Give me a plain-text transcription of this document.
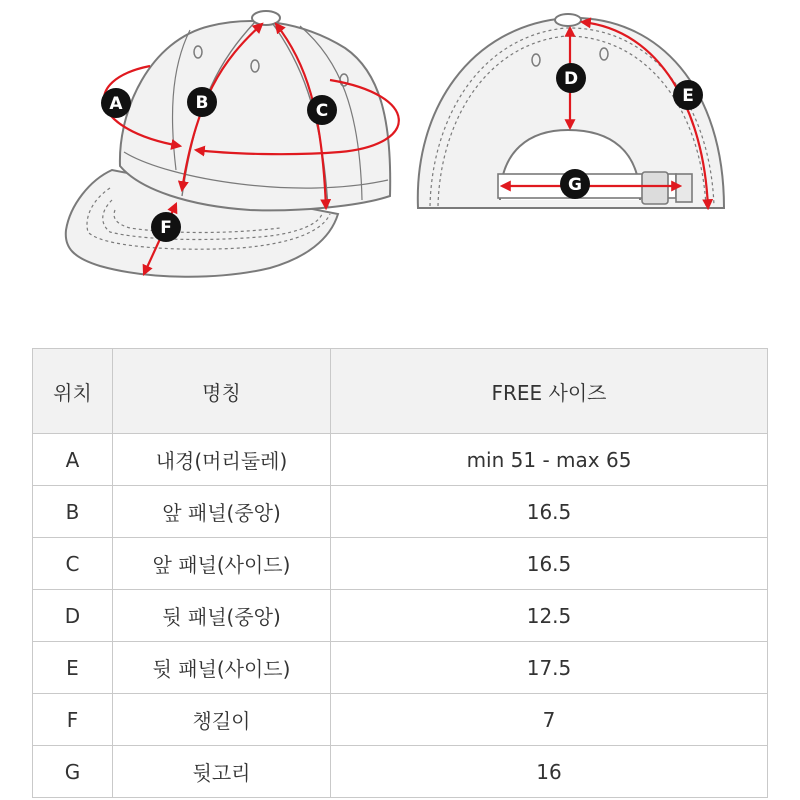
A	B	C
D
E
F
G
위치	명칭	FREE 사이즈
A	내경(머리둘레)	min 51 - max 65
B	앞 패널(중앙)	16.5
C	앞 패널(사이드)	16.5
D	뒷 패널(중앙)	12.5
E	뒷 패널(사이드)	17.5
F	챙길이	7
G	뒷고리	16
